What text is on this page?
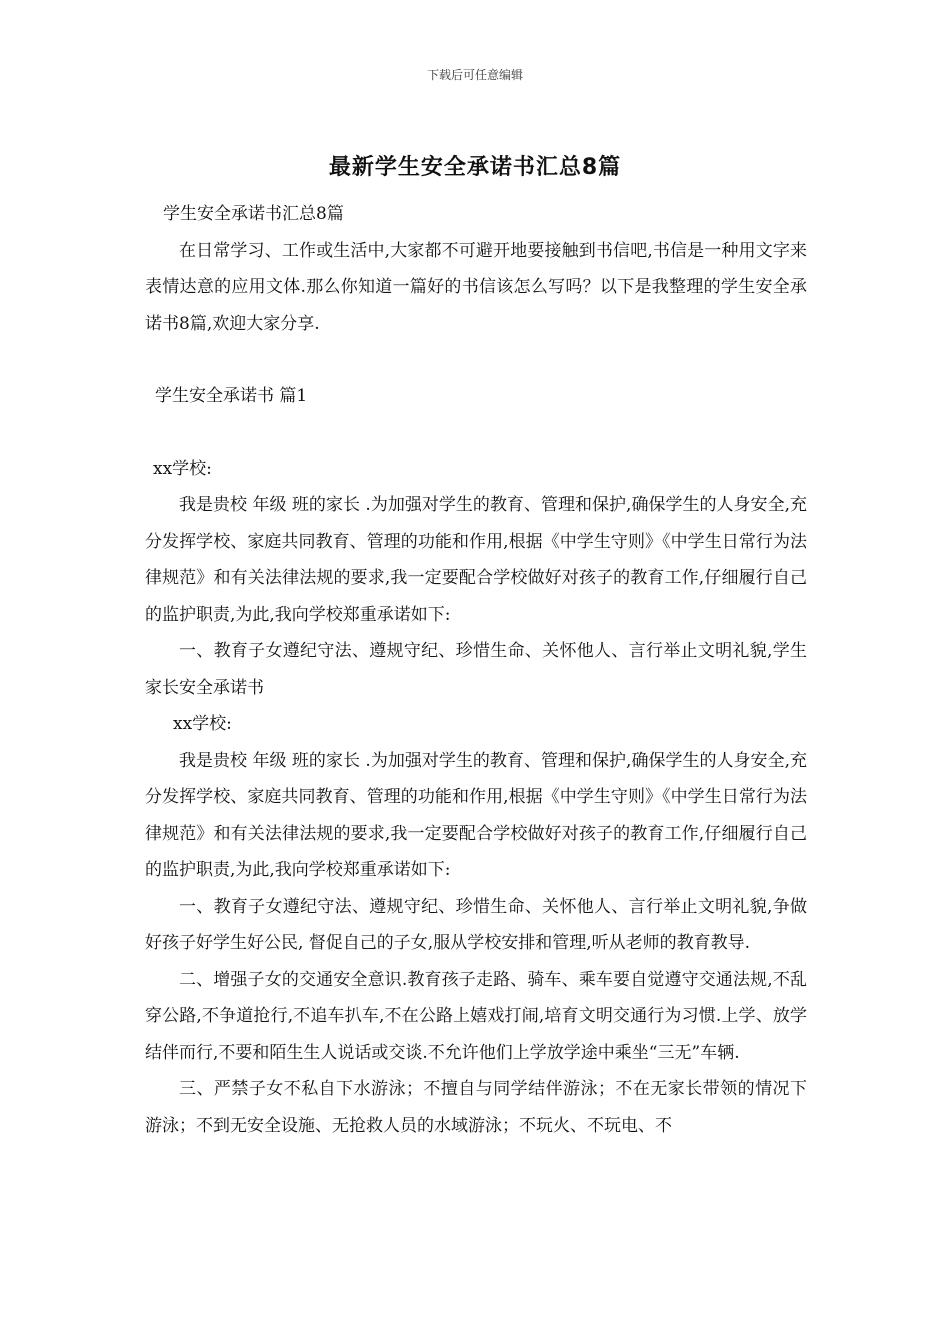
下载后可任意编辑
最新学生安全承诺书汇总8篇

学生安全承诺书汇总8篇

在日常学习、工作或生活中,大家都不可避开地要接触到书信吧,书信是一种用文字来表情达意的应用文体.那么你知道一篇好的书信该怎么写吗？以下是我整理的学生安全承诺书8篇,欢迎大家分享.

学生安全承诺书 篇1

xx学校:

我是贵校 年级 班的家长 .为加强对学生的教育、管理和保护,确保学生的人身安全,充分发挥学校、家庭共同教育、管理的功能和作用,根据《中学生守则》《中学生日常行为法律规范》和有关法律法规的要求,我一定要配合学校做好对孩子的教育工作,仔细履行自己的监护职责,为此,我向学校郑重承诺如下:

一、教育子女遵纪守法、遵规守纪、珍惜生命、关怀他人、言行举止文明礼貌,学生家长安全承诺书

xx学校:

我是贵校 年级 班的家长 .为加强对学生的教育、管理和保护,确保学生的人身安全,充分发挥学校、家庭共同教育、管理的功能和作用,根据《中学生守则》《中学生日常行为法律规范》和有关法律法规的要求,我一定要配合学校做好对孩子的教育工作,仔细履行自己的监护职责,为此,我向学校郑重承诺如下:

一、教育子女遵纪守法、遵规守纪、珍惜生命、关怀他人、言行举止文明礼貌,争做好孩子好学生好公民, 督促自己的子女,服从学校安排和管理,听从老师的教育教导.

二、增强子女的交通安全意识.教育孩子走路、骑车、乘车要自觉遵守交通法规,不乱穿公路,不争道抢行,不追车扒车,不在公路上嬉戏打闹,培育文明交通行为习惯.上学、放学结伴而行,不要和陌生生人说话或交谈.不允许他们上学放学途中乘坐“三无”车辆.

三、严禁子女不私自下水游泳；不擅自与同学结伴游泳；不在无家长带领的情况下游泳；不到无安全设施、无抢救人员的水域游泳；不玩火、不玩电、不
